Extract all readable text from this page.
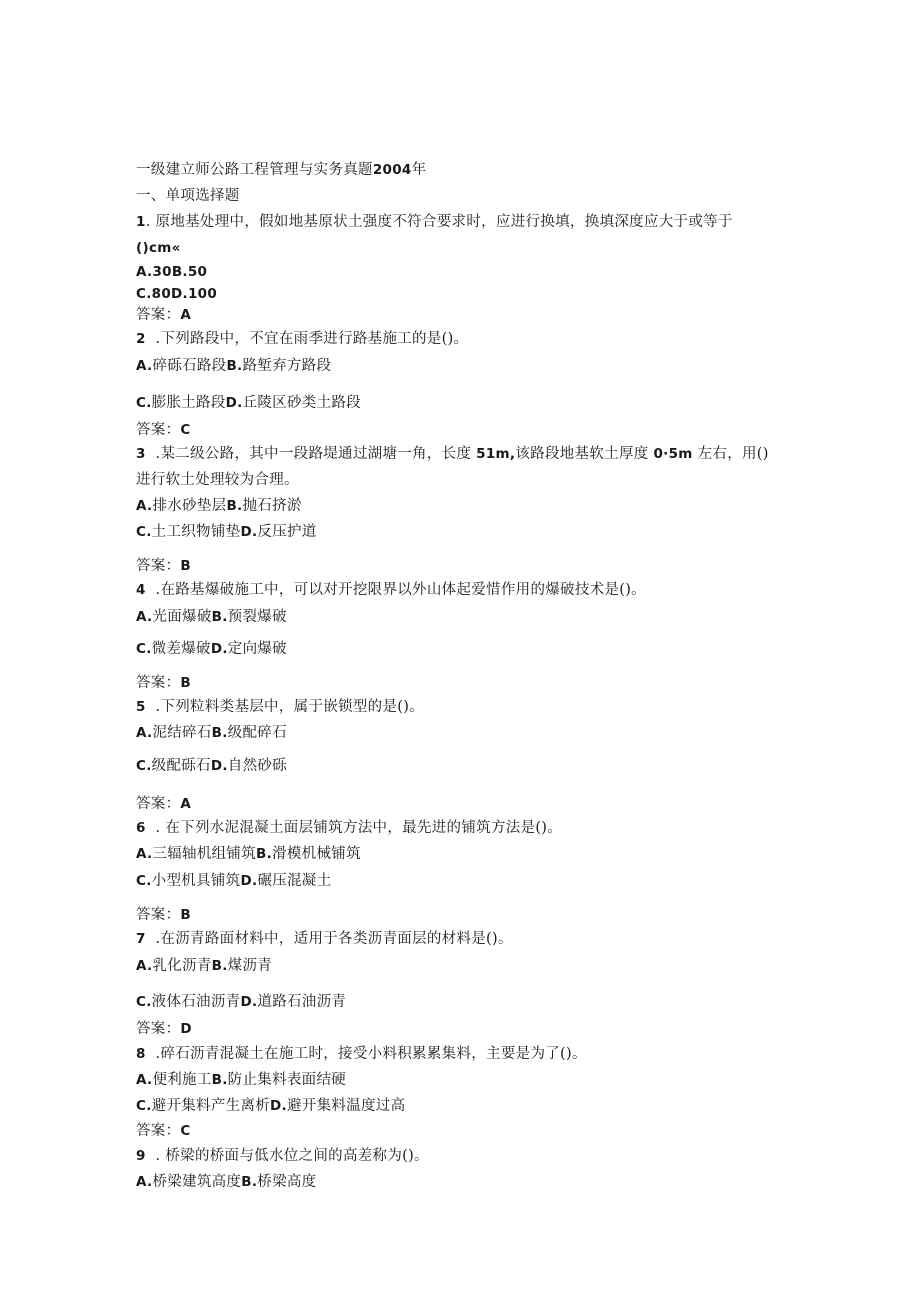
一级建立师公路工程管理与实务真题2004年
一、单项选择题
1. 原地基处理中，假如地基原状土强度不符合要求时，应进行换填，换填深度应大于或等于
()cm«
A.30B.50
C.80D.100
答案：A
2 .下列路段中，不宜在雨季进行路基施工的是()。
A.碎砾石路段B.路堑弃方路段
C.膨胀土路段D.丘陵区砂类土路段
答案：C
3 .某二级公路，其中一段路堤通过湖塘一角，长度 51m,该路段地基软土厚度 0·5m 左右，用()
进行软土处理较为合理。
A.排水砂垫层B.抛石挤淤
C.土工织物铺垫D.反压护道
答案：B
4 .在路基爆破施工中，可以对开挖限界以外山体起爱惜作用的爆破技术是()。
A.光面爆破B.预裂爆破
C.微差爆破D.定向爆破
答案：B
5 .下列粒料类基层中，属于嵌锁型的是()。
A.泥结碎石B.级配碎石
C.级配砾石D.自然砂砾
答案：A
6 . 在下列水泥混凝土面层铺筑方法中，最先进的铺筑方法是()。
A.三辐轴机组铺筑B.滑模机械铺筑
C.小型机具铺筑D.碾压混凝土
答案：B
7 .在沥青路面材料中，适用于各类沥青面层的材料是()。
A.乳化沥青B.煤沥青
C.液体石油沥青D.道路石油沥青
答案：D
8 .碎石沥青混凝土在施工时，接受小料积累累集料，主要是为了()。
A.便利施工B.防止集料表面结硬
C.避开集料产生离析D.避开集料温度过高
答案：C
9 . 桥梁的桥面与低水位之间的高差称为()。
A.桥梁建筑高度B.桥梁高度
